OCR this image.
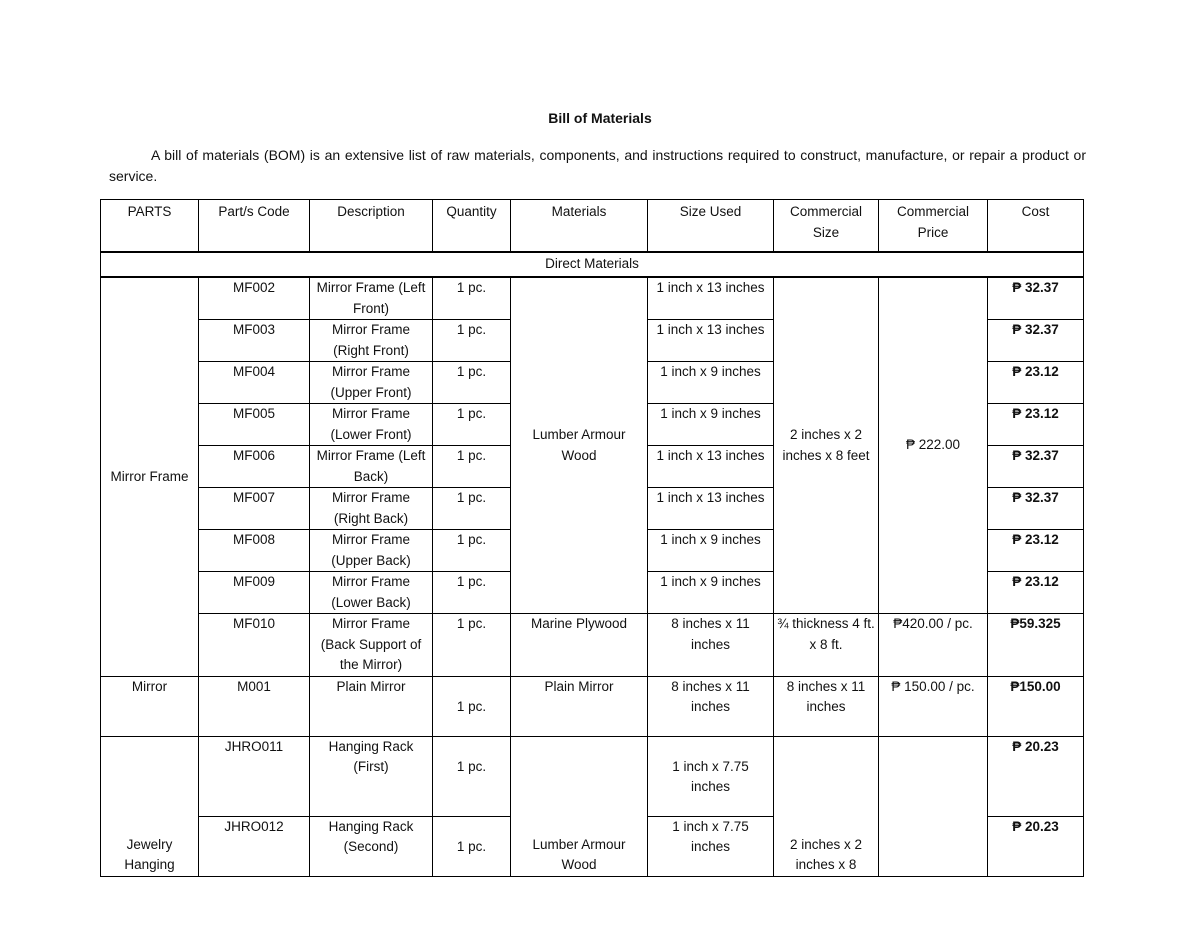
Bill of Materials
A bill of materials (BOM) is an extensive list of raw materials, components, and instructions required to construct, manufacture, or repair a product or service.
PARTS	Part/s Code	Description	Quantity	Materials	Size Used	Commercial Size	Commercial Price	Cost
Direct Materials								
Mirror Frame	MF002	Mirror Frame (Left Front)	1 pc.	Lumber Armour Wood	1 inch x 13 inches	2 inches x 2 inches x 8 feet	₱ 222.00	₱ 32.37
	MF003	Mirror Frame (Right Front)	1 pc.		1 inch x 13 inches			₱ 32.37
	MF004	Mirror Frame (Upper Front)	1 pc.		1 inch x 9 inches			₱ 23.12
	MF005	Mirror Frame (Lower Front)	1 pc.		1 inch x 9 inches			₱ 23.12
	MF006	Mirror Frame (Left Back)	1 pc.		1 inch x 13 inches			₱ 32.37
	MF007	Mirror Frame (Right Back)	1 pc.		1 inch x 13 inches			₱ 32.37
	MF008	Mirror Frame (Upper Back)	1 pc.		1 inch x 9 inches			₱ 23.12
	MF009	Mirror Frame (Lower Back)	1 pc.		1 inch x 9 inches			₱ 23.12
	MF010	Mirror Frame (Back Support of the Mirror)	1 pc.	Marine Plywood	8 inches x 11 inches	¾ thickness 4 ft. x 8 ft.	₱420.00 / pc.	₱59.325
Mirror	M001	Plain Mirror	1 pc.	Plain Mirror	8 inches x 11 inches	8 inches x 11 inches	₱ 150.00 / pc.	₱150.00
Jewelry Hanging	JHRO011	Hanging Rack (First)	1 pc.	Lumber Armour Wood	1 inch x 7.75 inches	2 inches x 2 inches x 8		₱ 20.23
	JHRO012	Hanging Rack (Second)	1 pc.		1 inch x 7.75 inches			₱ 20.23
